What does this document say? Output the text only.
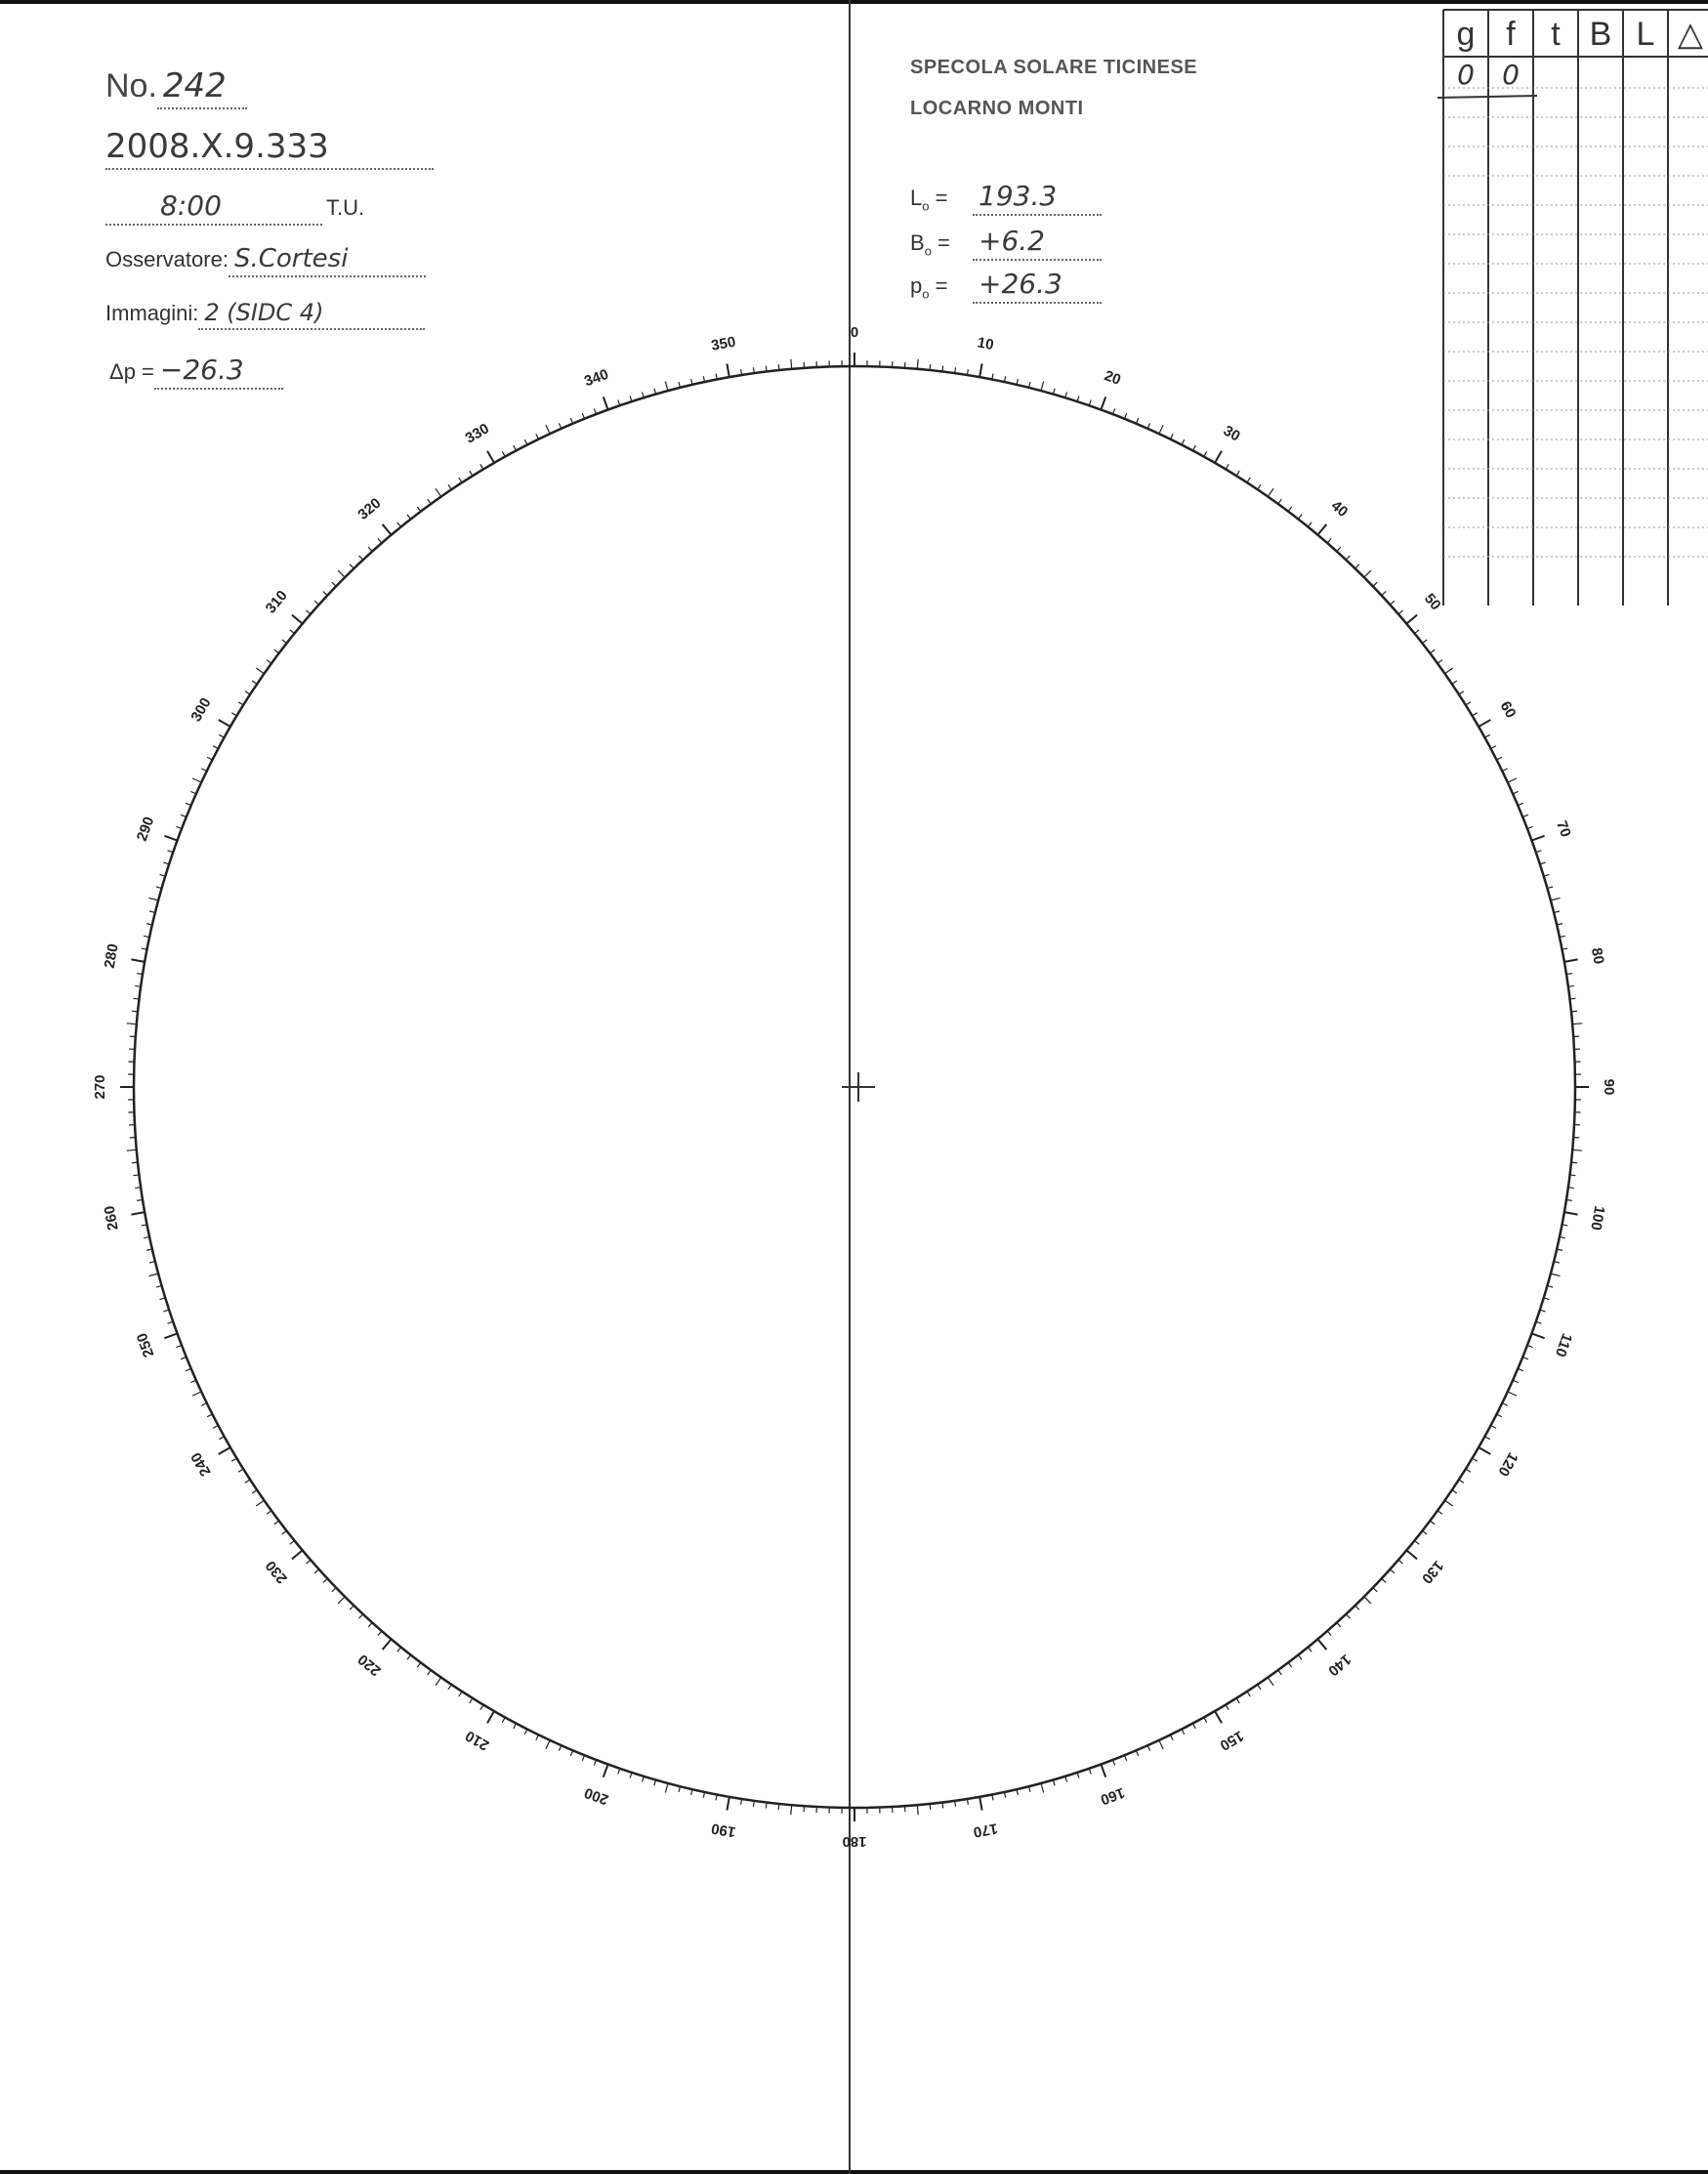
No. 242
2008.Ⅹ.9.333
8:00	T.U.
Osservatore: S.Cortesi
Immagini: 2 (SIDC 4)
Δp = −26.3
SPECOLA SOLARE TICINESE
LOCARNO MONTI
$L_o$ =	193.3
$B_o$ =	+6.2
$p_o$ =	+26.3
0
10
20
30
40
50
60
70
80
90
100
110
120
130
140
150
160
170
180
190
200
210
220
230
240
250
260
270
280
290
300
310
320
330
340
350
g f t B L △
0 0
